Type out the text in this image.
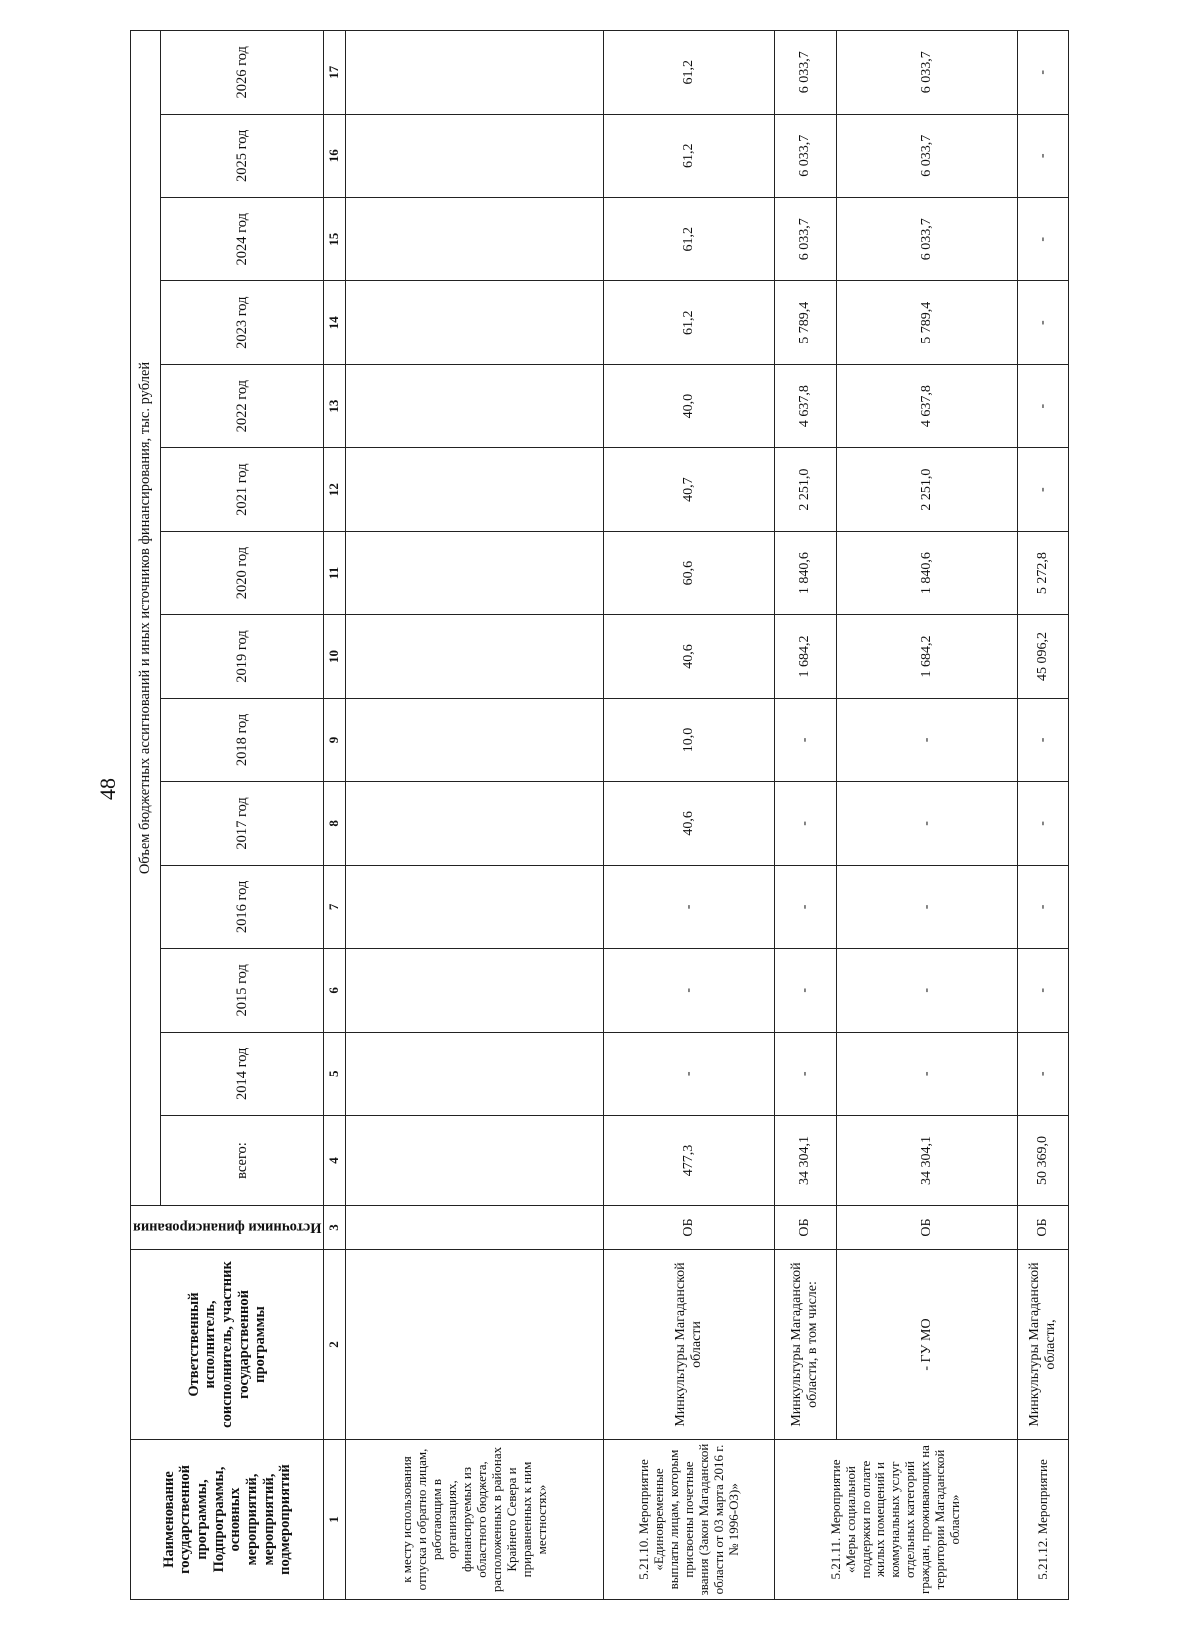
48
Наименование государственной программы, Подпрограммы, основных мероприятий, мероприятий, подмероприятий	Ответственный исполнитель, соисполнитель, участник государственной программы	Источники финансирования	Объем бюджетных ассигнований и иных источников финансирования, тыс. рублей													
			всего:	2014 год	2015 год	2016 год	2017 год	2018 год	2019 год	2020 год	2021 год	2022 год	2023 год	2024 год	2025 год	2026 год
1	2	3	4	5	6	7	8	9	10	11	12	13	14	15	16	17
к месту использования отпуска и обратно лицам, работающим в организациях, финансируемых из областного бюджета, расположенных в районах Крайнего Севера и приравненных к ним местностях»																
5.21.10. Мероприятие «Единовременные выплаты лицам, которым присвоены почетные звания (Закон Магаданской области от 03 марта 2016 г. № 1996-ОЗ)»	Минкультуры Магаданской области	ОБ	477,3	-	-	-	40,6	10,0	40,6	60,6	40,7	40,0	61,2	61,2	61,2	61,2
5.21.11. Мероприятие «Меры социальной поддержки по оплате жилых помещений и коммунальных услуг отдельных категорий граждан, проживающих на территории Магаданской области»	Минкультуры Магаданской области, в том числе:	ОБ	34 304,1	-	-	-	-	-	1 684,2	1 840,6	2 251,0	4 637,8	5 789,4	6 033,7	6 033,7	6 033,7
	- ГУ МО	ОБ	34 304,1	-	-	-	-	-	1 684,2	1 840,6	2 251,0	4 637,8	5 789,4	6 033,7	6 033,7	6 033,7
5.21.12. Мероприятие	Минкультуры Магаданской области,	ОБ	50 369,0	-	-	-	-	-	45 096,2	5 272,8	-	-	-	-	-	-
